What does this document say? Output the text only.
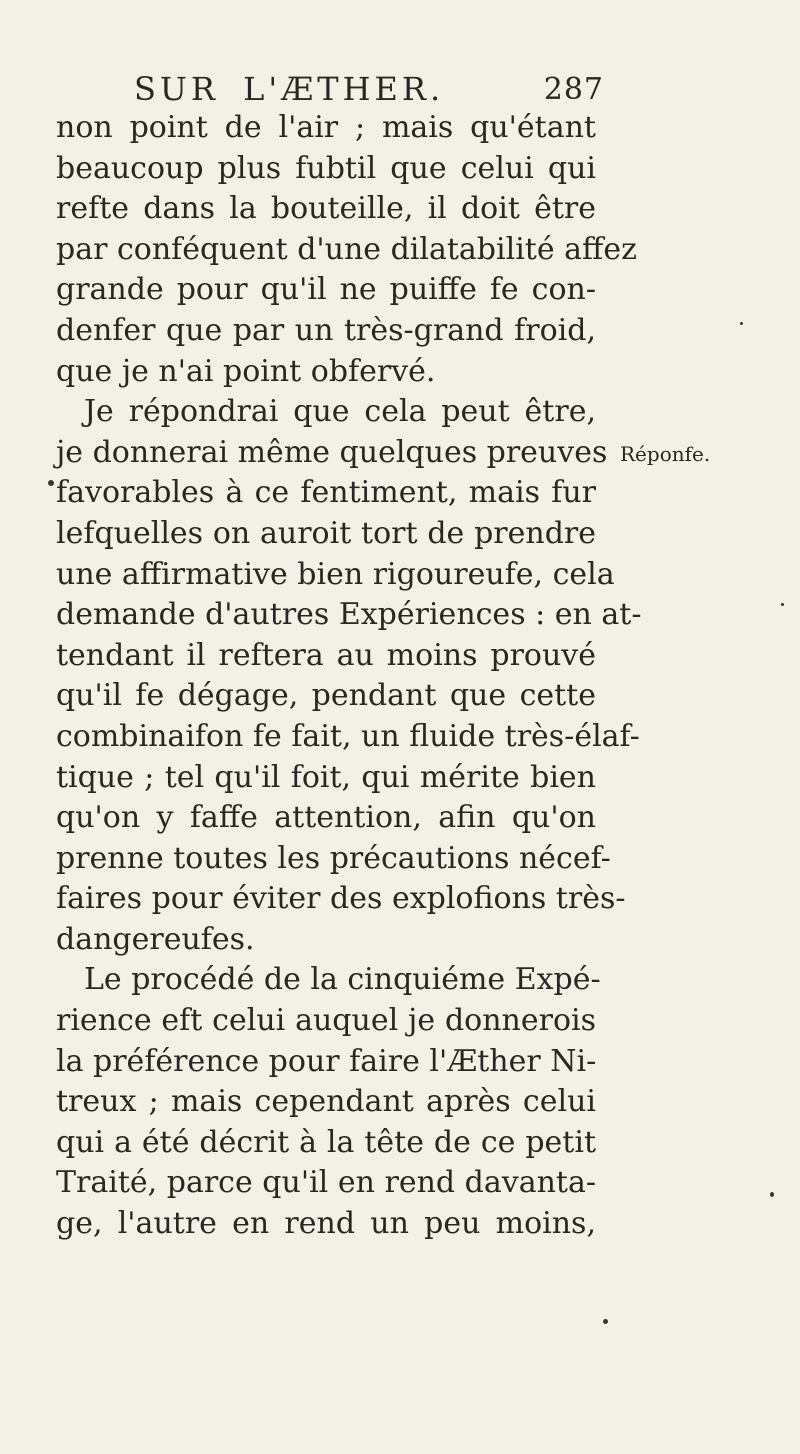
SUR L'ÆTHER.	287
Réponfe.
non point de l'air ; mais qu'étant
beaucoup plus fubtil que celui qui
refte dans la bouteille, il doit être
par conféquent d'une dilatabilité affez
grande pour qu'il ne puiffe fe con-
denfer que par un très-grand froid,
que je n'ai point obfervé.
Je répondrai que cela peut être,
je donnerai même quelques preuves
favorables à ce fentiment, mais fur
lefquelles on auroit tort de prendre
une affirmative bien rigoureufe, cela
demande d'autres Expériences : en at-
tendant il reftera au moins prouvé
qu'il fe dégage, pendant que cette
combinaifon fe fait, un fluide très-élaf-
tique ; tel qu'il foit, qui mérite bien
qu'on y faffe attention, afin qu'on
prenne toutes les précautions nécef-
faires pour éviter des explofions très-
dangereufes.
Le procédé de la cinquiéme Expé-
rience eft celui auquel je donnerois
la préférence pour faire l'Æther Ni-
treux ; mais cependant après celui
qui a été décrit à la tête de ce petit
Traité, parce qu'il en rend davanta-
ge, l'autre en rend un peu moins,
